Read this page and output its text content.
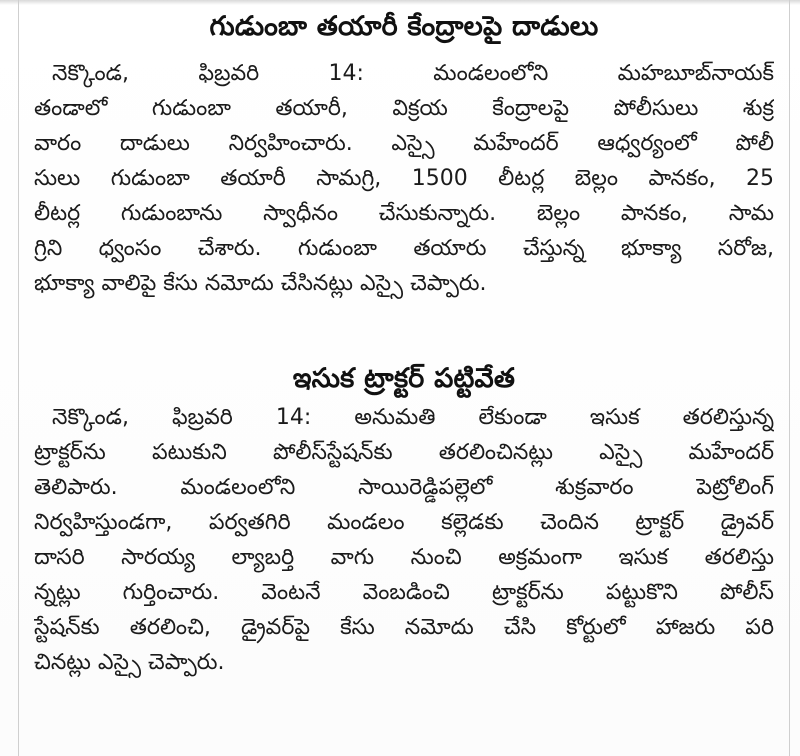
గుడుంబా తయారీ కేంద్రాలపై దాడులు
నెక్కొండ, ఫిబ్రవరి 14: మండలంలోని మహబూబ్‌నాయక్
తండాలో గుడుంబా తయారీ, విక్రయ కేంద్రాలపై పోలీసులు శుక్ర
వారం దాడులు నిర్వహించారు. ఎస్సై మహేందర్ ఆధ్వర్యంలో పోలీ
సులు గుడుంబా తయారీ సామగ్రి, 1500 లీటర్ల బెల్లం పానకం, 25
లీటర్ల గుడుంబాను స్వాధీనం చేసుకున్నారు. బెల్లం పానకం, సామ
గ్రిని ధ్వంసం చేశారు. గుడుంబా తయారు చేస్తున్న భూక్యా సరోజ,
భూక్యా వాలిపై కేసు నమోదు చేసినట్లు ఎస్సై చెప్పారు.
ఇసుక ట్రాక్టర్ పట్టివేత
నెక్కొండ, ఫిబ్రవరి 14: అనుమతి లేకుండా ఇసుక తరలిస్తున్న
ట్రాక్టర్‌ను పటుకుని పోలీస్‌స్టేషన్‌కు తరలించినట్లు ఎస్సై మహేందర్
తెలిపారు. మండలంలోని సాయిరెడ్డిపల్లెలో శుక్రవారం పెట్రోలింగ్
నిర్వహిస్తుండగా, పర్వతగిరి మండలం కల్లెడకు చెందిన ట్రాక్టర్ డ్రైవర్
దాసరి సారయ్య ల్యాబర్తి వాగు నుంచి అక్రమంగా ఇసుక తరలిస్తు
న్నట్లు గుర్తించారు. వెంటనే వెంబడించి ట్రాక్టర్‌ను పట్టుకొని పోలీస్
స్టేషన్‌కు తరలించి, డ్రైవర్‌పై కేసు నమోదు చేసి కోర్టులో హాజరు పరి
చినట్లు ఎస్సై చెప్పారు.
